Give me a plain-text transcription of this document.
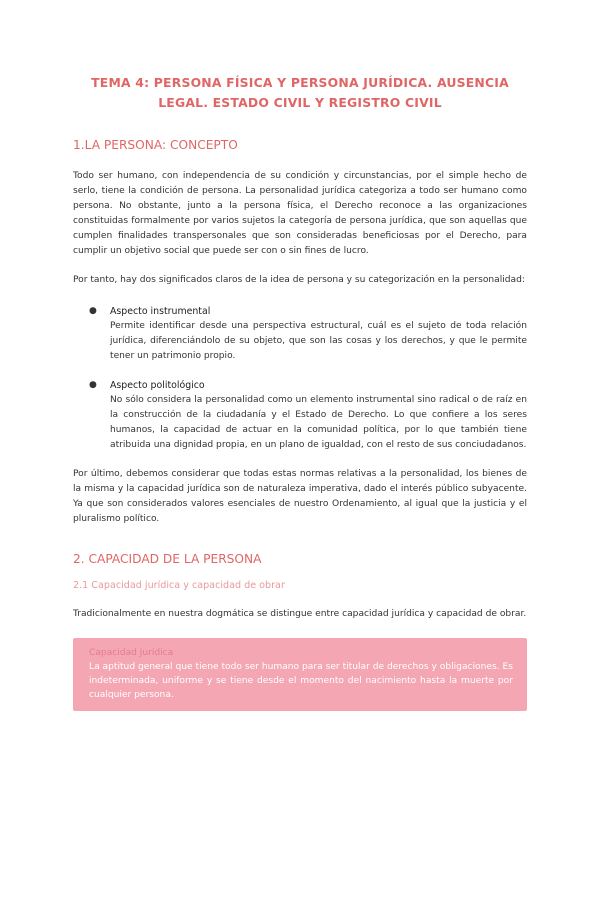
TEMA 4: PERSONA FÍSICA Y PERSONA JURÍDICA. AUSENCIA LEGAL. ESTADO CIVIL Y REGISTRO CIVIL
1.LA PERSONA: CONCEPTO

Todo ser humano, con independencia de su condición y circunstancias, por el simple hecho de serlo, tiene la condición de persona. La personalidad jurídica categoriza a todo ser humano como persona. No obstante, junto a la persona física, el Derecho reconoce a las organizaciones constituidas formalmente por varios sujetos la categoría de persona jurídica, que son aquellas que cumplen finalidades transpersonales que son consideradas beneficiosas por el Derecho, para cumplir un objetivo social que puede ser con o sin fines de lucro.

Por tanto, hay dos significados claros de la idea de persona y su categorización en la personalidad:

● Aspecto instrumental
Permite identificar desde una perspectiva estructural, cuál es el sujeto de toda relación jurídica, diferenciándolo de su objeto, que son las cosas y los derechos, y que le permite tener un patrimonio propio.
● Aspecto politológico
No sólo considera la personalidad como un elemento instrumental sino radical o de raíz en la construcción de la ciudadanía y el Estado de Derecho. Lo que confiere a los seres humanos, la capacidad de actuar en la comunidad política, por lo que también tiene atribuida una dignidad propia, en un plano de igualdad, con el resto de sus conciudadanos.

Por último, debemos considerar que todas estas normas relativas a la personalidad, los bienes de la misma y la capacidad jurídica son de naturaleza imperativa, dado el interés público subyacente. Ya que son considerados valores esenciales de nuestro Ordenamiento, al igual que la justicia y el pluralismo político.

2. CAPACIDAD DE LA PERSONA
2.1 Capacidad jurídica y capacidad de obrar

Tradicionalmente en nuestra dogmática se distingue entre capacidad jurídica y capacidad de obrar.

Capacidad jurídica
La aptitud general que tiene todo ser humano para ser titular de derechos y obligaciones. Es indeterminada, uniforme y se tiene desde el momento del nacimiento hasta la muerte por cualquier persona.
